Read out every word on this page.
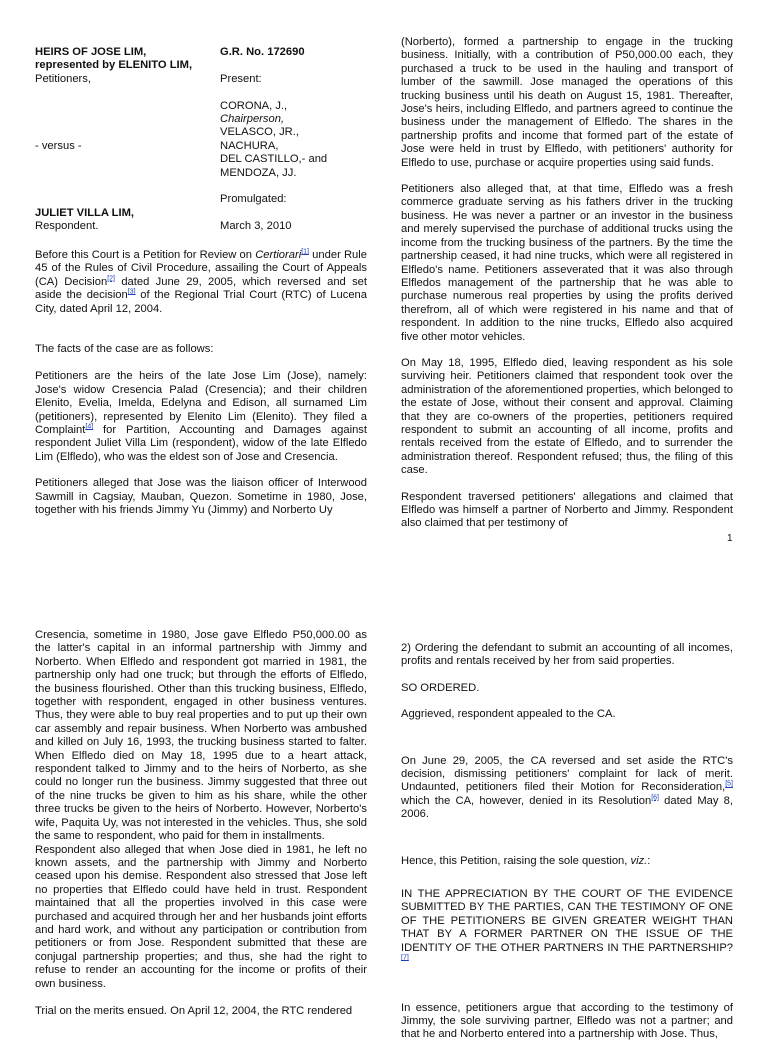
HEIRS OF JOSE LIM,
represented by ELENITO LIM,
Petitioners,
- versus -
JULIET VILLA LIM,
Respondent.
G.R. No. 172690
Present:
CORONA, J.,
Chairperson,
VELASCO, JR.,
NACHURA,
DEL CASTILLO,- and
MENDOZA, JJ.
Promulgated:
March 3, 2010

Before this Court is a Petition for Review on Certiorari[1] under Rule 45 of the Rules of Civil Procedure, assailing the Court of Appeals (CA) Decision[2] dated June 29, 2005, which reversed and set aside the decision[3] of the Regional Trial Court (RTC) of Lucena City, dated April 12, 2004.

The facts of the case are as follows:

Petitioners are the heirs of the late Jose Lim (Jose), namely: Jose's widow Cresencia Palad (Cresencia); and their children Elenito, Evelia, Imelda, Edelyna and Edison, all surnamed Lim (petitioners), represented by Elenito Lim (Elenito). They filed a Complaint[4] for Partition, Accounting and Damages against respondent Juliet Villa Lim (respondent), widow of the late Elfledo Lim (Elfledo), who was the eldest son of Jose and Cresencia.

Petitioners alleged that Jose was the liaison officer of Interwood Sawmill in Cagsiay, Mauban, Quezon. Sometime in 1980, Jose, together with his friends Jimmy Yu (Jimmy) and Norberto Uy

(Norberto), formed a partnership to engage in the trucking business. Initially, with a contribution of P50,000.00 each, they purchased a truck to be used in the hauling and transport of lumber of the sawmill. Jose managed the operations of this trucking business until his death on August 15, 1981. Thereafter, Jose's heirs, including Elfledo, and partners agreed to continue the business under the management of Elfledo. The shares in the partnership profits and income that formed part of the estate of Jose were held in trust by Elfledo, with petitioners' authority for Elfledo to use, purchase or acquire properties using said funds.

Petitioners also alleged that, at that time, Elfledo was a fresh commerce graduate serving as his fathers driver in the trucking business. He was never a partner or an investor in the business and merely supervised the purchase of additional trucks using the income from the trucking business of the partners. By the time the partnership ceased, it had nine trucks, which were all registered in Elfledo's name. Petitioners asseverated that it was also through Elfledos management of the partnership that he was able to purchase numerous real properties by using the profits derived therefrom, all of which were registered in his name and that of respondent. In addition to the nine trucks, Elfledo also acquired five other motor vehicles.

On May 18, 1995, Elfledo died, leaving respondent as his sole surviving heir. Petitioners claimed that respondent took over the administration of the aforementioned properties, which belonged to the estate of Jose, without their consent and approval. Claiming that they are co-owners of the properties, petitioners required respondent to submit an accounting of all income, profits and rentals received from the estate of Elfledo, and to surrender the administration thereof. Respondent refused; thus, the filing of this case.

Respondent traversed petitioners' allegations and claimed that Elfledo was himself a partner of Norberto and Jimmy. Respondent also claimed that per testimony of

1

Cresencia, sometime in 1980, Jose gave Elfledo P50,000.00 as the latter's capital in an informal partnership with Jimmy and Norberto. When Elfledo and respondent got married in 1981, the partnership only had one truck; but through the efforts of Elfledo, the business flourished. Other than this trucking business, Elfledo, together with respondent, engaged in other business ventures. Thus, they were able to buy real properties and to put up their own car assembly and repair business. When Norberto was ambushed and killed on July 16, 1993, the trucking business started to falter. When Elfledo died on May 18, 1995 due to a heart attack, respondent talked to Jimmy and to the heirs of Norberto, as she could no longer run the business. Jimmy suggested that three out of the nine trucks be given to him as his share, while the other three trucks be given to the heirs of Norberto. However, Norberto's wife, Paquita Uy, was not interested in the vehicles. Thus, she sold the same to respondent, who paid for them in installments.

Respondent also alleged that when Jose died in 1981, he left no known assets, and the partnership with Jimmy and Norberto ceased upon his demise. Respondent also stressed that Jose left no properties that Elfledo could have held in trust. Respondent maintained that all the properties involved in this case were purchased and acquired through her and her husbands joint efforts and hard work, and without any participation or contribution from petitioners or from Jose. Respondent submitted that these are conjugal partnership properties; and thus, she had the right to refuse to render an accounting for the income or profits of their own business.

Trial on the merits ensued. On April 12, 2004, the RTC rendered

2) Ordering the defendant to submit an accounting of all incomes, profits and rentals received by her from said properties.

SO ORDERED.

Aggrieved, respondent appealed to the CA.

On June 29, 2005, the CA reversed and set aside the RTC's decision, dismissing petitioners' complaint for lack of merit. Undaunted, petitioners filed their Motion for Reconsideration,[5] which the CA, however, denied in its Resolution[6] dated May 8, 2006.

Hence, this Petition, raising the sole question, viz.:

IN THE APPRECIATION BY THE COURT OF THE EVIDENCE SUBMITTED BY THE PARTIES, CAN THE TESTIMONY OF ONE OF THE PETITIONERS BE GIVEN GREATER WEIGHT THAN THAT BY A FORMER PARTNER ON THE ISSUE OF THE IDENTITY OF THE OTHER PARTNERS IN THE PARTNERSHIP?[7]

In essence, petitioners argue that according to the testimony of Jimmy, the sole surviving partner, Elfledo was not a partner; and that he and Norberto entered into a partnership with Jose. Thus,
